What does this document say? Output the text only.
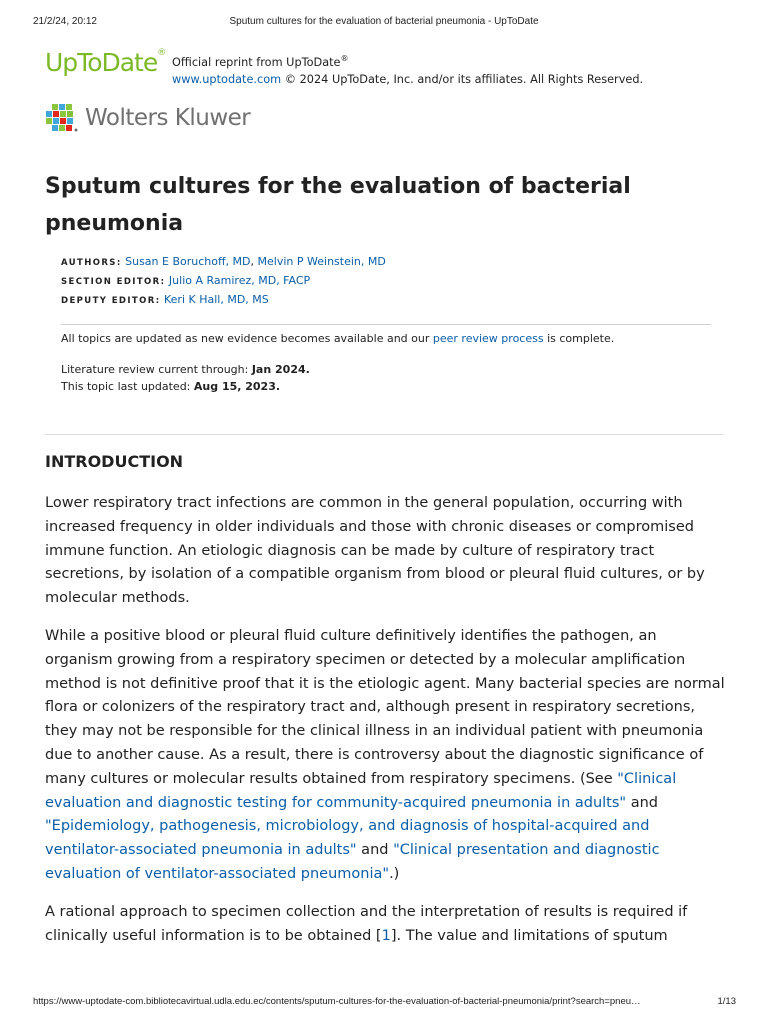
21/2/24, 20:12	Sputum cultures for the evaluation of bacterial pneumonia - UpToDate
UpToDate®
Official reprint from UpToDate®
www.uptodate.com © 2024 UpToDate, Inc. and/or its affiliates. All Rights Reserved.
Wolters Kluwer
Sputum cultures for the evaluation of bacterial pneumonia
AUTHORS: Susan E Boruchoff, MD, Melvin P Weinstein, MD
SECTION EDITOR: Julio A Ramirez, MD, FACP
DEPUTY EDITOR: Keri K Hall, MD, MS

All topics are updated as new evidence becomes available and our peer review process is complete.

Literature review current through: Jan 2024.

This topic last updated: Aug 15, 2023.

INTRODUCTION

Lower respiratory tract infections are common in the general population, occurring with increased frequency in older individuals and those with chronic diseases or compromised immune function. An etiologic diagnosis can be made by culture of respiratory tract secretions, by isolation of a compatible organism from blood or pleural fluid cultures, or by molecular methods.

While a positive blood or pleural fluid culture definitively identifies the pathogen, an organism growing from a respiratory specimen or detected by a molecular amplification method is not definitive proof that it is the etiologic agent. Many bacterial species are normal flora or colonizers of the respiratory tract and, although present in respiratory secretions, they may not be responsible for the clinical illness in an individual patient with pneumonia due to another cause. As a result, there is controversy about the diagnostic significance of many cultures or molecular results obtained from respiratory specimens. (See "Clinical evaluation and diagnostic testing for community-acquired pneumonia in adults" and "Epidemiology, pathogenesis, microbiology, and diagnosis of hospital-acquired and ventilator-associated pneumonia in adults" and "Clinical presentation and diagnostic evaluation of ventilator-associated pneumonia".)

A rational approach to specimen collection and the interpretation of results is required if clinically useful information is to be obtained [1]. The value and limitations of sputum

https://www-uptodate-com.bibliotecavirtual.udla.edu.ec/contents/sputum-cultures-for-the-evaluation-of-bacterial-pneumonia/print?search=pneu…	1/13
